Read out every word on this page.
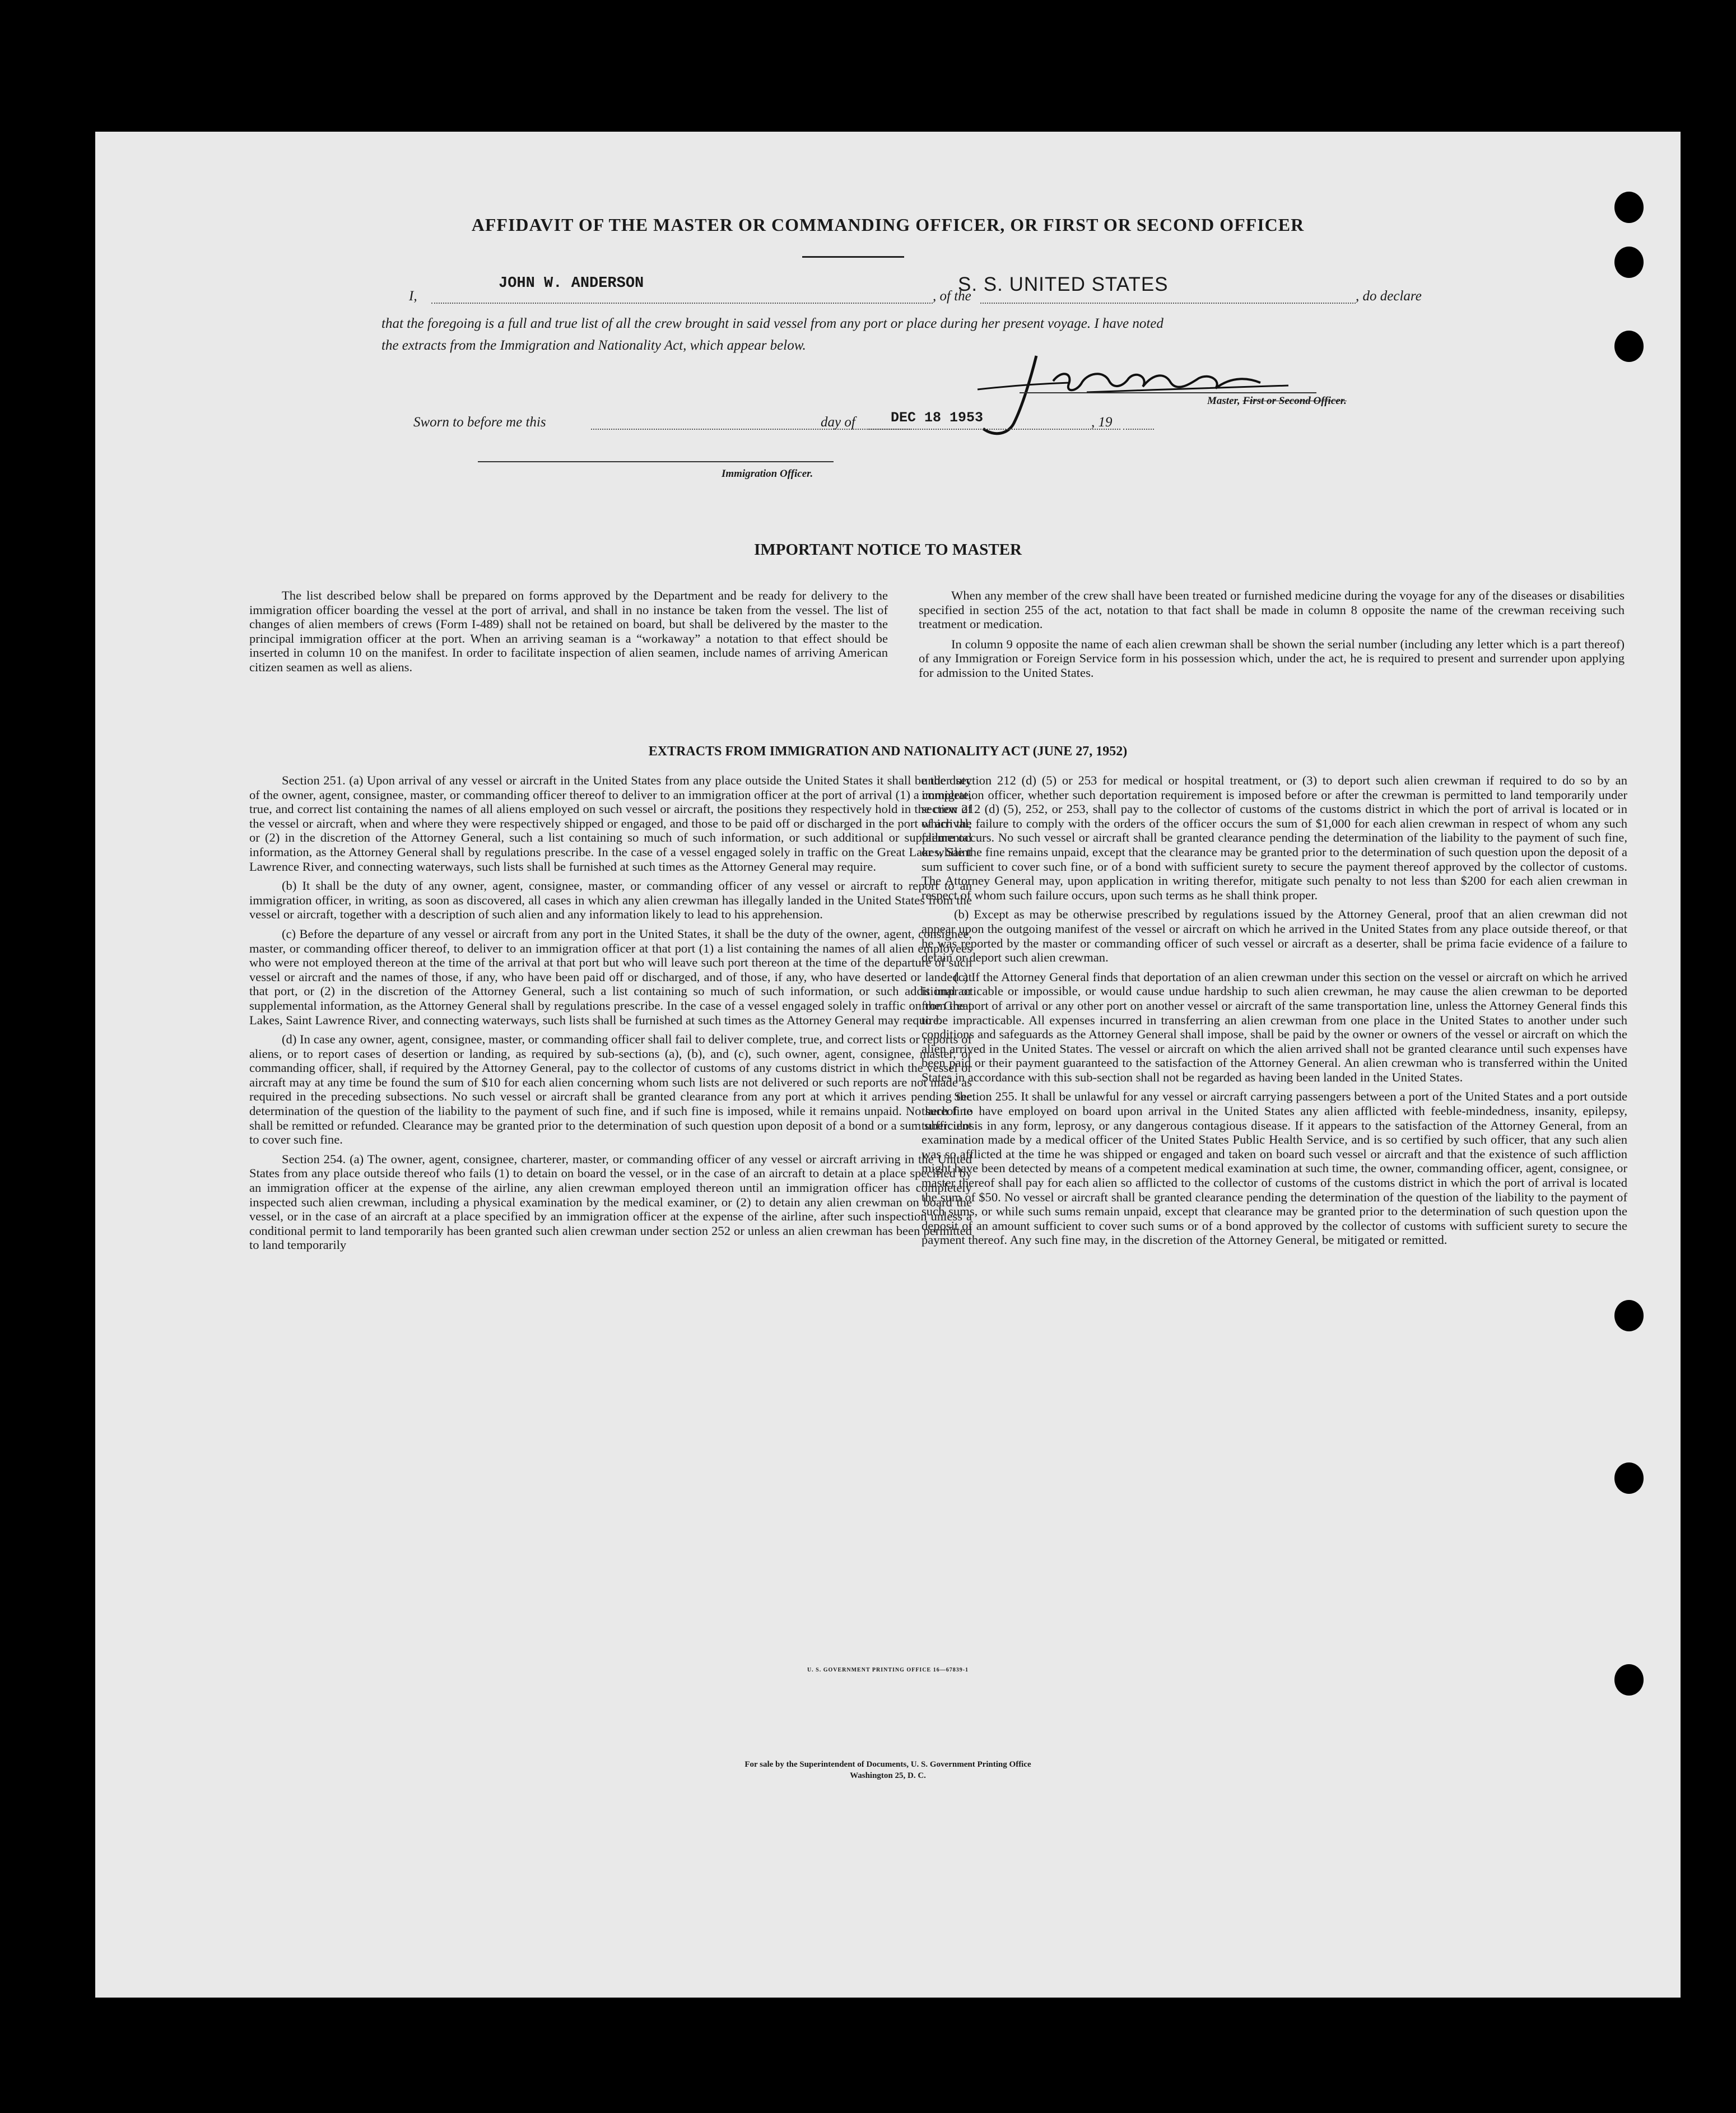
AFFIDAVIT OF THE MASTER OR COMMANDING OFFICER, OR FIRST OR SECOND OFFICER
I,
JOHN W. ANDERSON
, of the
S. S. UNITED STATES
, do declare
that the foregoing is a full and true list of all the crew brought in said vessel from any port or place during her present voyage. I have noted
the extracts from the Immigration and Nationality Act, which appear below.
Master, First or Second Officer.
Sworn to before me this	day of	DEC 18 1953	, 19
Immigration Officer.
IMPORTANT NOTICE TO MASTER

The list described below shall be prepared on forms approved by the Department and be ready for delivery to the immigration officer boarding the vessel at the port of arrival, and shall in no instance be taken from the vessel. The list of changes of alien members of crews (Form I-489) shall not be retained on board, but shall be delivered by the master to the principal immigration officer at the port. When an arriving seaman is a “workaway” a notation to that effect should be inserted in column 10 on the manifest. In order to facilitate inspection of alien seamen, include names of arriving American citizen seamen as well as aliens.

When any member of the crew shall have been treated or furnished medicine during the voyage for any of the diseases or disabilities specified in section 255 of the act, notation to that fact shall be made in column 8 opposite the name of the crewman receiving such treatment or medication.

In column 9 opposite the name of each alien crewman shall be shown the serial number (including any letter which is a part thereof) of any Immigration or Foreign Service form in his possession which, under the act, he is required to present and surrender upon applying for admission to the United States.

EXTRACTS FROM IMMIGRATION AND NATIONALITY ACT (JUNE 27, 1952)

Section 251. (a) Upon arrival of any vessel or aircraft in the United States from any place outside the United States it shall be the duty of the owner, agent, consignee, master, or commanding officer thereof to deliver to an immigration officer at the port of arrival (1) a complete, true, and correct list containing the names of all aliens employed on such vessel or aircraft, the positions they respectively hold in the crew of the vessel or aircraft, when and where they were respectively shipped or engaged, and those to be paid off or discharged in the port of arrival; or (2) in the discretion of the Attorney General, such a list containing so much of such information, or such additional or supplemental information, as the Attorney General shall by regulations prescribe. In the case of a vessel engaged solely in traffic on the Great Lakes, Saint Lawrence River, and connecting waterways, such lists shall be furnished at such times as the Attorney General may require.

(b) It shall be the duty of any owner, agent, consignee, master, or commanding officer of any vessel or aircraft to report to an immigration officer, in writing, as soon as discovered, all cases in which any alien crewman has illegally landed in the United States from the vessel or aircraft, together with a description of such alien and any information likely to lead to his apprehension.

(c) Before the departure of any vessel or aircraft from any port in the United States, it shall be the duty of the owner, agent, consignee, master, or commanding officer thereof, to deliver to an immigration officer at that port (1) a list containing the names of all alien employees who were not employed thereon at the time of the arrival at that port but who will leave such port thereon at the time of the departure of such vessel or aircraft and the names of those, if any, who have been paid off or discharged, and of those, if any, who have deserted or landed at that port, or (2) in the discretion of the Attorney General, such a list containing so much of such information, or such additional or supplemental information, as the Attorney General shall by regulations prescribe. In the case of a vessel engaged solely in traffic on the Great Lakes, Saint Lawrence River, and connecting waterways, such lists shall be furnished at such times as the Attorney General may require.

(d) In case any owner, agent, consignee, master, or commanding officer shall fail to deliver complete, true, and correct lists or reports of aliens, or to report cases of desertion or landing, as required by sub-sections (a), (b), and (c), such owner, agent, consignee, master, or commanding officer, shall, if required by the Attorney General, pay to the collector of customs of any customs district in which the vessel or aircraft may at any time be found the sum of $10 for each alien concerning whom such lists are not delivered or such reports are not made as required in the preceding subsections. No such vessel or aircraft shall be granted clearance from any port at which it arrives pending the determination of the question of the liability to the payment of such fine, and if such fine is imposed, while it remains unpaid. No such fine shall be remitted or refunded. Clearance may be granted prior to the determination of such question upon deposit of a bond or a sum sufficient to cover such fine.

Section 254. (a) The owner, agent, consignee, charterer, master, or commanding officer of any vessel or aircraft arriving in the United States from any place outside thereof who fails (1) to detain on board the vessel, or in the case of an aircraft to detain at a place specified by an immigration officer at the expense of the airline, any alien crewman employed thereon until an immigration officer has completely inspected such alien crewman, including a physical examination by the medical examiner, or (2) to detain any alien crewman on board the vessel, or in the case of an aircraft at a place specified by an immigration officer at the expense of the airline, after such inspection unless a conditional permit to land temporarily has been granted such alien crewman under section 252 or unless an alien crewman has been permitted to land temporarily

under section 212 (d) (5) or 253 for medical or hospital treatment, or (3) to deport such alien crewman if required to do so by an immigration officer, whether such deportation requirement is imposed before or after the crewman is permitted to land temporarily under section 212 (d) (5), 252, or 253, shall pay to the collector of customs of the customs district in which the port of arrival is located or in which the failure to comply with the orders of the officer occurs the sum of $1,000 for each alien crewman in respect of whom any such failure occurs. No such vessel or aircraft shall be granted clearance pending the determination of the liability to the payment of such fine, or while the fine remains unpaid, except that the clearance may be granted prior to the determination of such question upon the deposit of a sum sufficient to cover such fine, or of a bond with sufficient surety to secure the payment thereof approved by the collector of customs. The Attorney General may, upon application in writing therefor, mitigate such penalty to not less than $200 for each alien crewman in respect of whom such failure occurs, upon such terms as he shall think proper.

(b) Except as may be otherwise prescribed by regulations issued by the Attorney General, proof that an alien crewman did not appear upon the outgoing manifest of the vessel or aircraft on which he arrived in the United States from any place outside thereof, or that he was reported by the master or commanding officer of such vessel or aircraft as a deserter, shall be prima facie evidence of a failure to detain or deport such alien crewman.

(c) If the Attorney General finds that deportation of an alien crewman under this section on the vessel or aircraft on which he arrived is impracticable or impossible, or would cause undue hardship to such alien crewman, he may cause the alien crewman to be deported from the port of arrival or any other port on another vessel or aircraft of the same transportation line, unless the Attorney General finds this to be impracticable. All expenses incurred in transferring an alien crewman from one place in the United States to another under such conditions and safeguards as the Attorney General shall impose, shall be paid by the owner or owners of the vessel or aircraft on which the alien arrived in the United States. The vessel or aircraft on which the alien arrived shall not be granted clearance until such expenses have been paid or their payment guaranteed to the satisfaction of the Attorney General. An alien crewman who is transferred within the United States in accordance with this sub-section shall not be regarded as having been landed in the United States.

Section 255. It shall be unlawful for any vessel or aircraft carrying passengers between a port of the United States and a port outside thereof to have employed on board upon arrival in the United States any alien afflicted with feeble-mindedness, insanity, epilepsy, tuberculosis in any form, leprosy, or any dangerous contagious disease. If it appears to the satisfaction of the Attorney General, from an examination made by a medical officer of the United States Public Health Service, and is so certified by such officer, that any such alien was so afflicted at the time he was shipped or engaged and taken on board such vessel or aircraft and that the existence of such affliction might have been detected by means of a competent medical examination at such time, the owner, commanding officer, agent, consignee, or master thereof shall pay for each alien so afflicted to the collector of customs of the customs district in which the port of arrival is located the sum of $50. No vessel or aircraft shall be granted clearance pending the determination of the question of the liability to the payment of such sums, or while such sums remain unpaid, except that clearance may be granted prior to the determination of such question upon the deposit of an amount sufficient to cover such sums or of a bond approved by the collector of customs with sufficient surety to secure the payment thereof. Any such fine may, in the discretion of the Attorney General, be mitigated or remitted.

U. S. GOVERNMENT PRINTING OFFICE 16—67839-1
For sale by the Superintendent of Documents, U. S. Government Printing Office
Washington 25, D. C.
